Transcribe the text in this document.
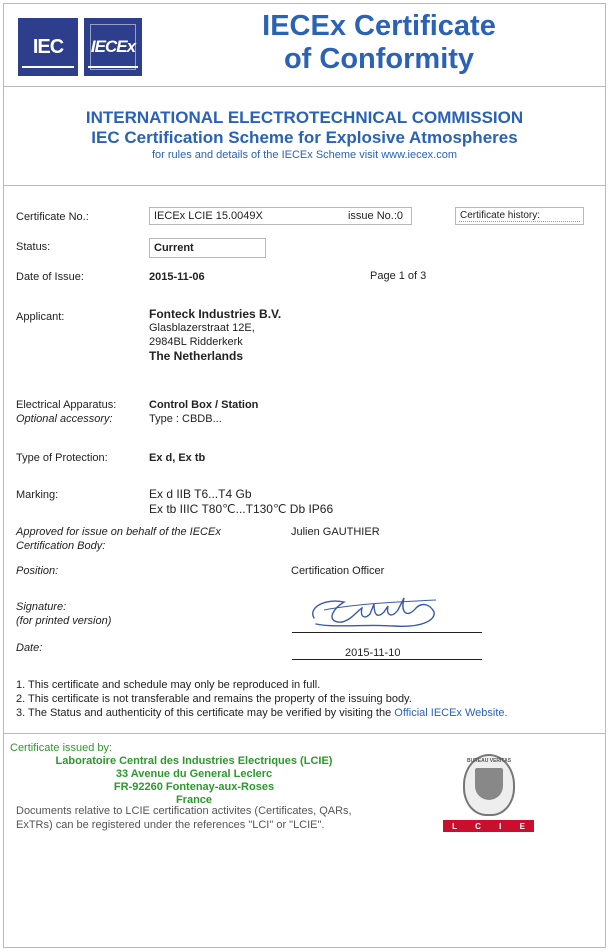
IEC IECEx
IECEx Certificate
of Conformity
INTERNATIONAL ELECTROTECHNICAL COMMISSION
IEC Certification Scheme for Explosive Atmospheres
for rules and details of the IECEx Scheme visit www.iecex.com
Certificate No.:	IECEx LCIE 15.0049X	issue No.:0	Certificate history:
Status:	Current
Date of Issue:	2015-11-06	Page 1 of 3
Applicant:	Fonteck Industries B.V.
Glasblazerstraat 12E,
2984BL Ridderkerk
The Netherlands
Electrical Apparatus:	Control Box / Station
Optional accessory:	Type : CBDB...
Type of Protection:	Ex d, Ex tb
Marking:	Ex d IIB T6...T4 Gb
Ex tb IIIC T80℃...T130℃ Db IP66
Approved for issue on behalf of the IECEx
Certification Body:
Julien GAUTHIER
Position:	Certification Officer
Signature:
(for printed version)
Date:	2015-11-10
1. This certificate and schedule may only be reproduced in full.
2. This certificate is not transferable and remains the property of the issuing body.
3. The Status and authenticity of this certificate may be verified by visiting the Official IECEx Website.
Certificate issued by:
Laboratoire Central des Industries Electriques (LCIE)
33 Avenue du General Leclerc
FR-92260 Fontenay-aux-Roses
France
Documents relative to LCIE certification activites (Certificates, QARs,
ExTRs) can be registered under the references "LCI" or "LCIE".
BUREAU VERITAS
L C I E
